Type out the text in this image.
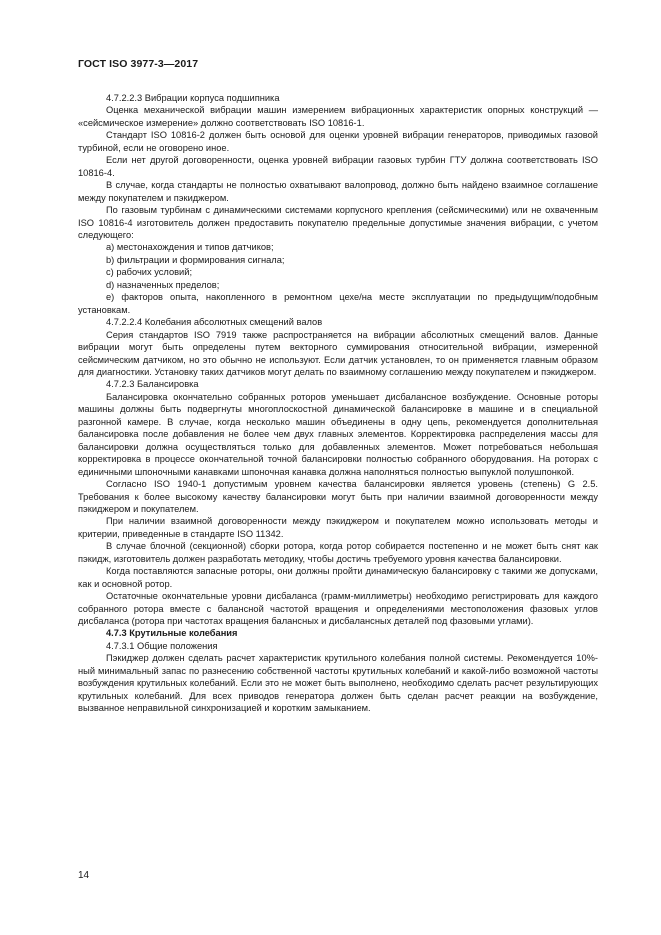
ГОСТ ISO 3977-3—2017

4.7.2.2.3 Вибрации корпуса подшипника

Оценка механической вибрации машин измерением вибрационных характеристик опорных конструкций — «сейсмическое измерение» должно соответствовать ISO 10816-1.

Стандарт ISO 10816-2 должен быть основой для оценки уровней вибрации генераторов, приводимых газовой турбиной, если не оговорено иное.

Если нет другой договоренности, оценка уровней вибрации газовых турбин ГТУ должна соответствовать ISO 10816-4.

В случае, когда стандарты не полностью охватывают валопровод, должно быть найдено взаимное соглашение между покупателем и пэкиджером.

По газовым турбинам с динамическими системами корпусного крепления (сейсмическими) или не охваченным ISO 10816-4 изготовитель должен предоставить покупателю предельные допустимые значения вибрации, с учетом следующего:

a) местонахождения и типов датчиков;

b) фильтрации и формирования сигнала;

c) рабочих условий;

d) назначенных пределов;

e) факторов опыта, накопленного в ремонтном цехе/на месте эксплуатации по предыдущим/подобным установкам.

4.7.2.2.4 Колебания абсолютных смещений валов

Серия стандартов ISO 7919 также распространяется на вибрации абсолютных смещений валов. Данные вибрации могут быть определены путем векторного суммирования относительной вибрации, измеренной сейсмическим датчиком, но это обычно не используют. Если датчик установлен, то он применяется главным образом для диагностики. Установку таких датчиков могут делать по взаимному соглашению между покупателем и пэкиджером.

4.7.2.3 Балансировка

Балансировка окончательно собранных роторов уменьшает дисбалансное возбуждение. Основные роторы машины должны быть подвергнуты многоплоскостной динамической балансировке в машине и в специальной разгонной камере. В случае, когда несколько машин объединены в одну цепь, рекомендуется дополнительная балансировка после добавления не более чем двух главных элементов. Корректировка распределения массы для балансировки должна осуществляться только для добавленных элементов. Может потребоваться небольшая корректировка в процессе окончательной точной балансировки полностью собранного оборудования. На роторах с единичными шпоночными канавками шпоночная канавка должна наполняться полностью выпуклой полушпонкой.

Согласно ISO 1940-1 допустимым уровнем качества балансировки является уровень (степень) G 2.5. Требования к более высокому качеству балансировки могут быть при наличии взаимной договоренности между пэкиджером и покупателем.

При наличии взаимной договоренности между пэкиджером и покупателем можно использовать методы и критерии, приведенные в стандарте ISO 11342.

В случае блочной (секционной) сборки ротора, когда ротор собирается постепенно и не может быть снят как пэкидж, изготовитель должен разработать методику, чтобы достичь требуемого уровня качества балансировки.

Когда поставляются запасные роторы, они должны пройти динамическую балансировку с такими же допусками, как и основной ротор.

Остаточные окончательные уровни дисбаланса (грамм-миллиметры) необходимо регистрировать для каждого собранного ротора вместе с балансной частотой вращения и определениями местоположения фазовых углов дисбаланса (ротора при частотах вращения балансных и дисбалансных деталей под фазовыми углами).

4.7.3 Крутильные колебания

4.7.3.1 Общие положения

Пэкиджер должен сделать расчет характеристик крутильного колебания полной системы. Рекомендуется 10%-ный минимальный запас по разнесению собственной частоты крутильных колебаний и какой-либо возможной частоты возбуждения крутильных колебаний. Если это не может быть выполнено, необходимо сделать расчет результирующих крутильных колебаний. Для всех приводов генератора должен быть сделан расчет реакции на возбуждение, вызванное неправильной синхронизацией и коротким замыканием.

14
